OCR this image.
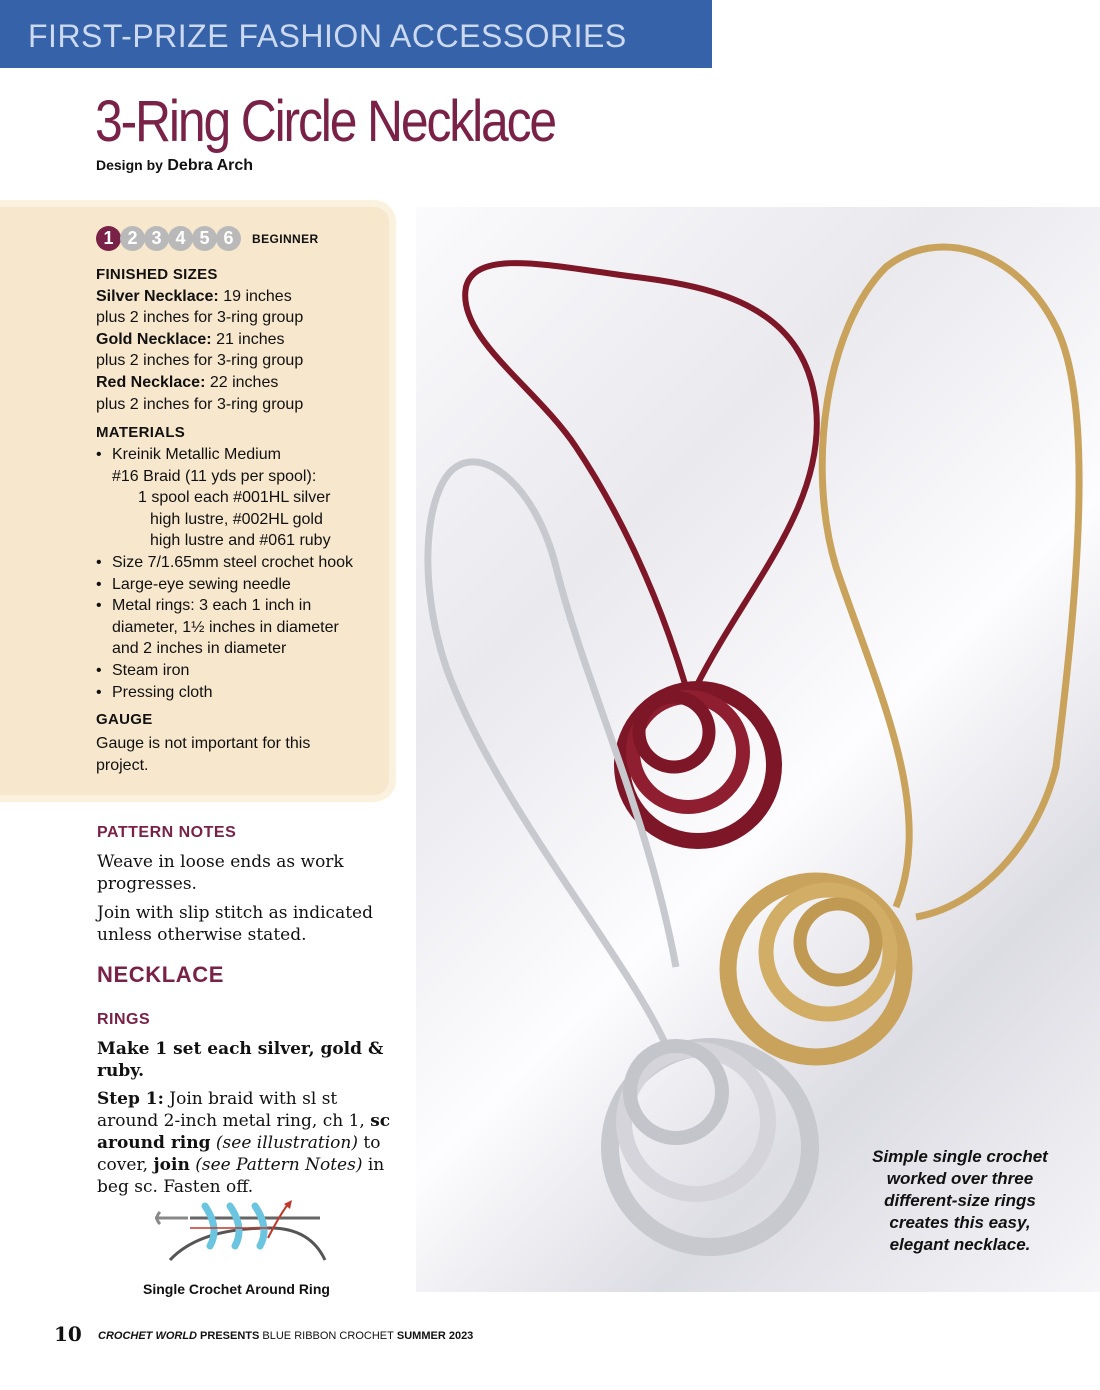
FIRST-PRIZE FASHION ACCESSORIES
3-Ring Circle Necklace
Design by Debra Arch
1 2 3 4 5 6	BEGINNER
FINISHED SIZES
Silver Necklace: 19 inches
plus 2 inches for 3-ring group
Gold Necklace: 21 inches
plus 2 inches for 3-ring group
Red Necklace: 22 inches
plus 2 inches for 3-ring group
MATERIALS
• Kreinik Metallic Medium
#16 Braid (11 yds per spool):
1 spool each #001HL silver
high lustre, #002HL gold
high lustre and #061 ruby
• Size 7/1.65mm steel crochet hook
• Large-eye sewing needle
• Metal rings: 3 each 1 inch in
diameter, 1½ inches in diameter
and 2 inches in diameter
• Steam iron
• Pressing cloth
GAUGE
Gauge is not important for this project.
PATTERN NOTES
Weave in loose ends as work progresses.
Join with slip stitch as indicated unless otherwise stated.
NECKLACE
RINGS
Make 1 set each silver, gold & ruby.
Step 1: Join braid with sl st around 2-inch metal ring, ch 1, sc around ring (see illustration) to cover, join (see Pattern Notes) in beg sc. Fasten off.
Single Crochet Around Ring
Simple single crochet worked over three different-size rings creates this easy, elegant necklace.
10 CROCHET WORLD PRESENTS BLUE RIBBON CROCHET SUMMER 2023
